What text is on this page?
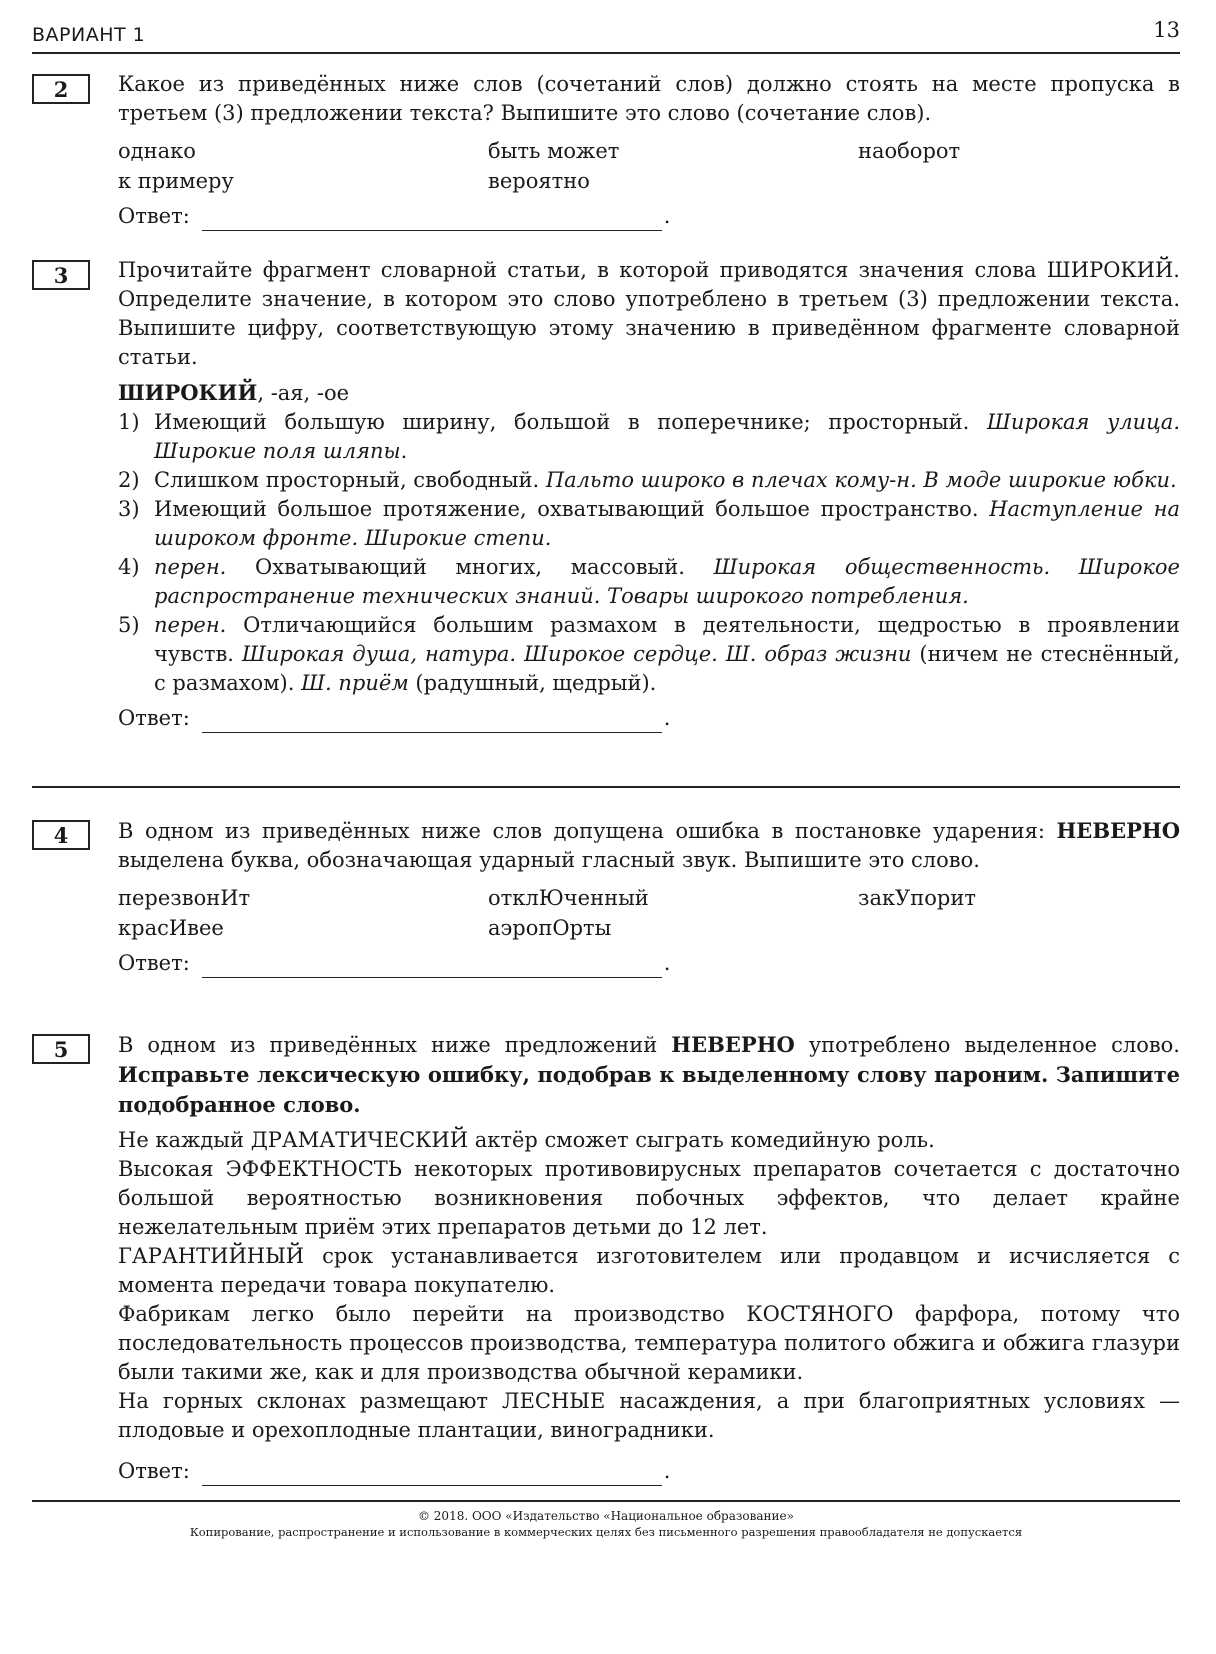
ВАРИАНТ 1	13
2	Какое из приведённых ниже слов (сочетаний слов) должно стоять на месте пропуска в третьем (3) предложении текста? Выпишите это слово (сочетание слов).
однако	быть может	наоборот
к примеру	вероятно
Ответ:	.
3	Прочитайте фрагмент словарной статьи, в которой приводятся значения слова ШИРОКИЙ. Определите значение, в котором это слово употреблено в третьем (3) предложении текста. Выпишите цифру, соответствующую этому значению в приведённом фрагменте словарной статьи.
ШИРОКИЙ, -ая, -ое
1) Имеющий большую ширину, большой в поперечнике; просторный. Широкая улица. Широкие поля шляпы.
2) Слишком просторный, свободный. Пальто широко в плечах кому-н. В моде широкие юбки.
3) Имеющий большое протяжение, охватывающий большое пространство. Наступление на широком фронте. Широкие степи.
4) перен. Охватывающий многих, массовый. Широкая общественность. Широкое распространение технических знаний. Товары широкого потребления.
5) перен. Отличающийся большим размахом в деятельности, щедростью в проявлении чувств. Широкая душа, натура. Широкое сердце. Ш. образ жизни (ничем не стеснённый, с размахом). Ш. приём (радушный, щедрый).
Ответ:	.
4	В одном из приведённых ниже слов допущена ошибка в постановке ударения: НЕВЕРНО выделена буква, обозначающая ударный гласный звук. Выпишите это слово.
перезвонИт	отклЮченный	закУпорит
красИвее	аэропОрты
Ответ:	.
5	В одном из приведённых ниже предложений НЕВЕРНО употреблено выделенное слово. Исправьте лексическую ошибку, подобрав к выделенному слову пароним. Запишите подобранное слово.
Не каждый ДРАМАТИЧЕСКИЙ актёр сможет сыграть комедийную роль.
Высокая ЭФФЕКТНОСТЬ некоторых противовирусных препаратов сочетается с достаточно большой вероятностью возникновения побочных эффектов, что делает крайне нежелательным приём этих препаратов детьми до 12 лет.
ГАРАНТИЙНЫЙ срок устанавливается изготовителем или продавцом и исчисляется с момента передачи товара покупателю.
Фабрикам легко было перейти на производство КОСТЯНОГО фарфора, потому что последовательность процессов производства, температура политого обжига и обжига глазури были такими же, как и для производства обычной керамики.
На горных склонах размещают ЛЕСНЫЕ насаждения, а при благоприятных условиях — плодовые и орехоплодные плантации, виноградники.
Ответ:	.
© 2018. ООО «Издательство «Национальное образование»
Копирование, распространение и использование в коммерческих целях без письменного разрешения правообладателя не допускается
